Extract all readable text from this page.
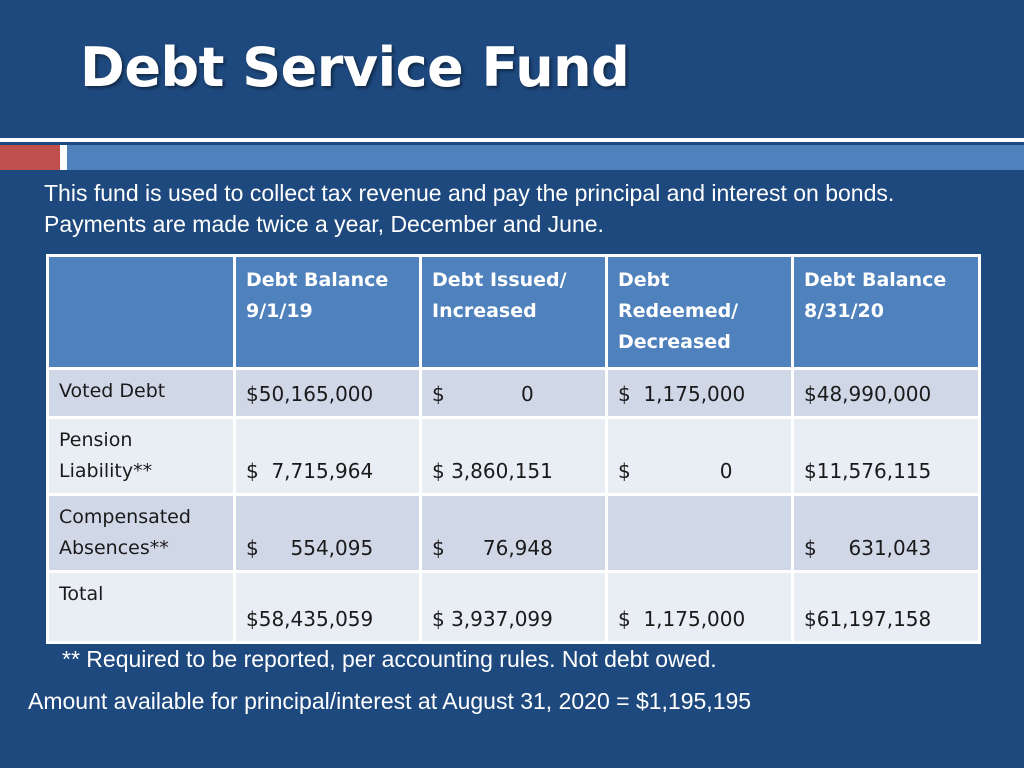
Debt Service Fund

This fund is used to collect tax revenue and pay the principal and interest on bonds. Payments are made twice a year, December and June.

	Debt Balance 9/1/19	Debt Issued/ Increased	Debt Redeemed/ Decreased	Debt Balance 8/31/20
Voted Debt	$50,165,000	$            0	$  1,175,000	$48,990,000
Pension Liability**	$  7,715,964	$ 3,860,151	$              0	$11,576,115
Compensated Absences**	$     554,095	$      76,948		$     631,043
Total	$58,435,059	$ 3,937,099	$  1,175,000	$61,197,158

** Required to be reported, per accounting rules. Not debt owed.

Amount available for principal/interest at August 31, 2020 = $1,195,195
